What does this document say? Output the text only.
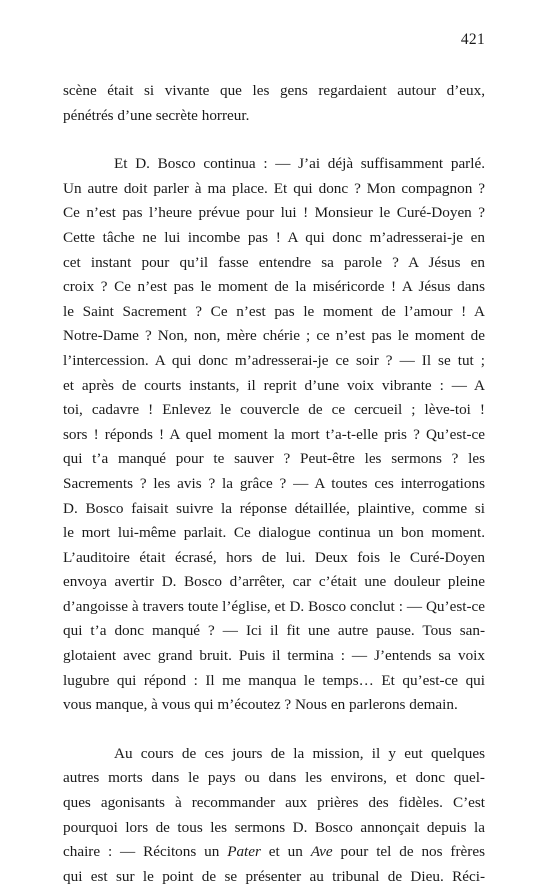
421

scène était si vivante que les gens regardaient autour d’eux,
pénétrés d’une secrète horreur.

Et D. Bosco continua : — J’ai déjà suffisamment parlé.
Un autre doit parler à ma place. Et qui donc ? Mon compagnon ?
Ce n’est pas l’heure prévue pour lui ! Monsieur le Curé-Doyen ?
Cette tâche ne lui incombe pas ! A qui donc m’adresserai-je en
cet instant pour qu’il fasse entendre sa parole ? A Jésus en
croix ? Ce n’est pas le moment de la miséricorde ! A Jésus dans
le Saint Sacrement ? Ce n’est pas le moment de l’amour ! A
Notre-Dame ? Non, non, mère chérie ; ce n’est pas le moment de
l’intercession. A qui donc m’adresserai-je ce soir ? — Il se tut ;
et après de courts instants, il reprit d’une voix vibrante : — A
toi, cadavre ! Enlevez le couvercle de ce cercueil ; lève-toi !
sors ! réponds ! A quel moment la mort t’a-t-elle pris ? Qu’est-ce
qui t’a manqué pour te sauver ? Peut-être les sermons ? les
Sacrements ? les avis ? la grâce ? — A toutes ces interrogations
D. Bosco faisait suivre la réponse détaillée, plaintive, comme si
le mort lui-même parlait. Ce dialogue continua un bon moment.
L’auditoire était écrasé, hors de lui. Deux fois le Curé-Doyen
envoya avertir D. Bosco d’arrêter, car c’était une douleur pleine
d’angoisse à travers toute l’église, et D. Bosco conclut : — Qu’est-ce
qui t’a donc manqué ? — Ici il fit une autre pause. Tous san-
glotaient avec grand bruit. Puis il termina : — J’entends sa voix
lugubre qui répond : Il me manqua le temps… Et qu’est-ce qui
vous manque, à vous qui m’écoutez ? Nous en parlerons demain.

Au cours de ces jours de la mission, il y eut quelques
autres morts dans le pays ou dans les environs, et donc quel-
ques agonisants à recommander aux prières des fidèles. C’est
pourquoi lors de tous les sermons D. Bosco annonçait depuis la
chaire : — Récitons un Pater et un Ave pour tel de nos frères
qui est sur le point de se présenter au tribunal de Dieu. Réci-
